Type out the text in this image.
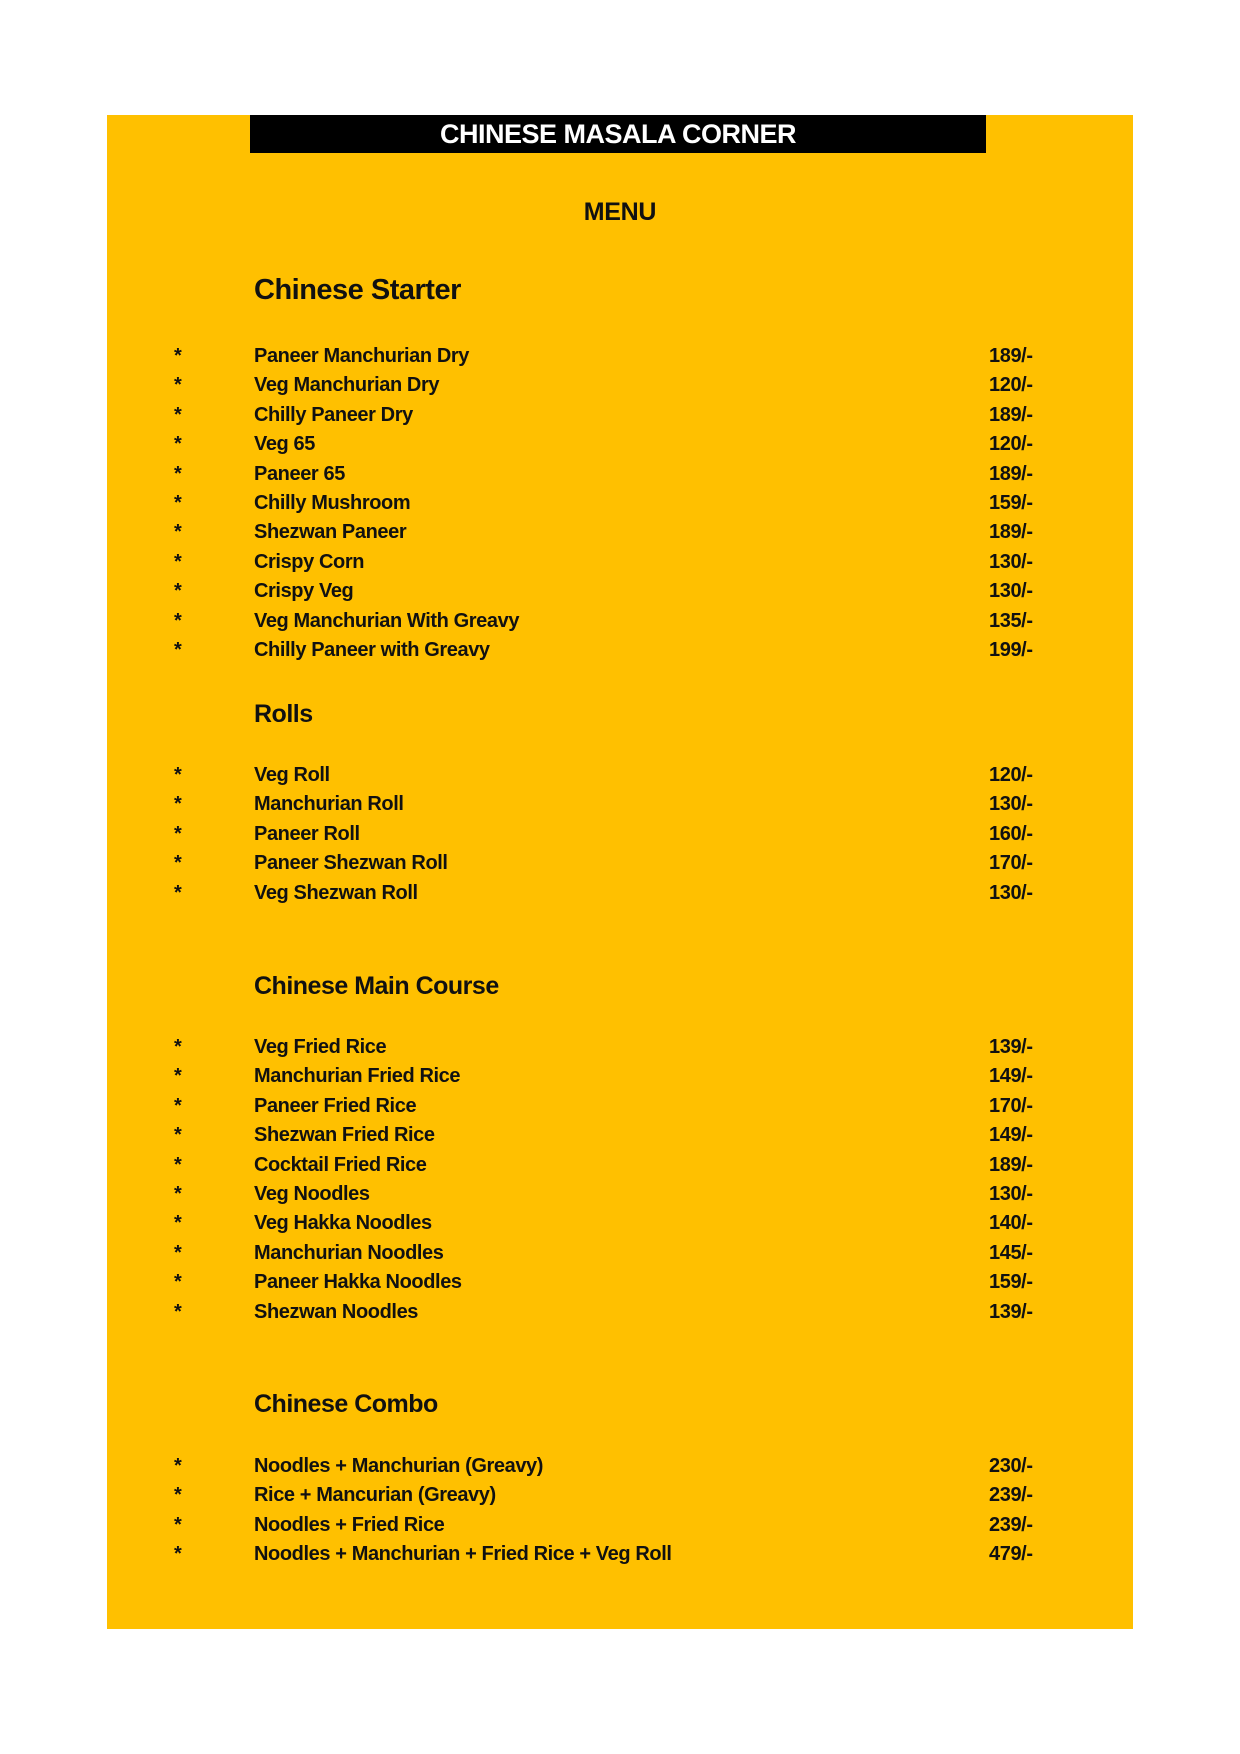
CHINESE MASALA CORNER
MENU
Chinese Starter
*	Paneer Manchurian Dry	189/-
*	Veg Manchurian Dry	120/-
*	Chilly Paneer Dry	189/-
*	Veg 65	120/-
*	Paneer 65	189/-
*	Chilly Mushroom	159/-
*	Shezwan Paneer	189/-
*	Crispy Corn	130/-
*	Crispy Veg	130/-
*	Veg Manchurian With Greavy	135/-
*	Chilly Paneer with Greavy	199/-
Rolls
*	Veg Roll	120/-
*	Manchurian Roll	130/-
*	Paneer Roll	160/-
*	Paneer Shezwan Roll	170/-
*	Veg Shezwan Roll	130/-
Chinese Main Course
*	Veg Fried Rice	139/-
*	Manchurian Fried Rice	149/-
*	Paneer Fried Rice	170/-
*	Shezwan Fried Rice	149/-
*	Cocktail Fried Rice	189/-
*	Veg Noodles	130/-
*	Veg Hakka Noodles	140/-
*	Manchurian Noodles	145/-
*	Paneer Hakka Noodles	159/-
*	Shezwan Noodles	139/-
Chinese Combo
*	Noodles + Manchurian (Greavy)	230/-
*	Rice + Mancurian (Greavy)	239/-
*	Noodles + Fried Rice	239/-
*	Noodles + Manchurian + Fried Rice + Veg Roll	479/-
